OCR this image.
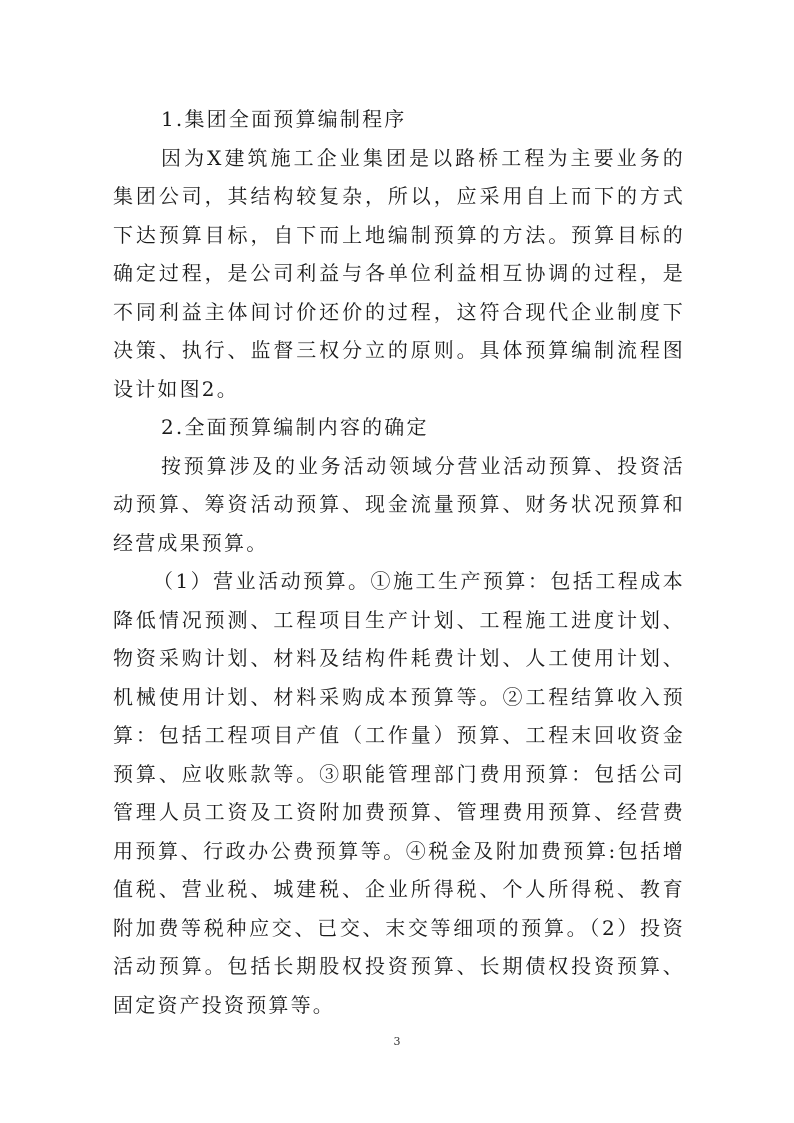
1.集团全面预算编制程序

因为X建筑施工企业集团是以路桥工程为主要业务的集团公司，其结构较复杂，所以，应采用自上而下的方式下达预算目标，自下而上地编制预算的方法。预算目标的确定过程，是公司利益与各单位利益相互协调的过程，是不同利益主体间讨价还价的过程，这符合现代企业制度下决策、执行、监督三权分立的原则。具体预算编制流程图设计如图2。

2.全面预算编制内容的确定

按预算涉及的业务活动领域分营业活动预算、投资活动预算、筹资活动预算、现金流量预算、财务状况预算和经营成果预算。

（1）营业活动预算。①施工生产预算：包括工程成本降低情况预测、工程项目生产计划、工程施工进度计划、物资采购计划、材料及结构件耗费计划、人工使用计划、机械使用计划、材料采购成本预算等。②工程结算收入预算：包括工程项目产值（工作量）预算、工程末回收资金预算、应收账款等。③职能管理部门费用预算：包括公司管理人员工资及工资附加费预算、管理费用预算、经营费用预算、行政办公费预算等。④税金及附加费预算:包括增值税、营业税、城建税、企业所得税、个人所得税、教育附加费等税种应交、已交、末交等细项的预算。（2）投资活动预算。包括长期股权投资预算、长期债权投资预算、固定资产投资预算等。

3
